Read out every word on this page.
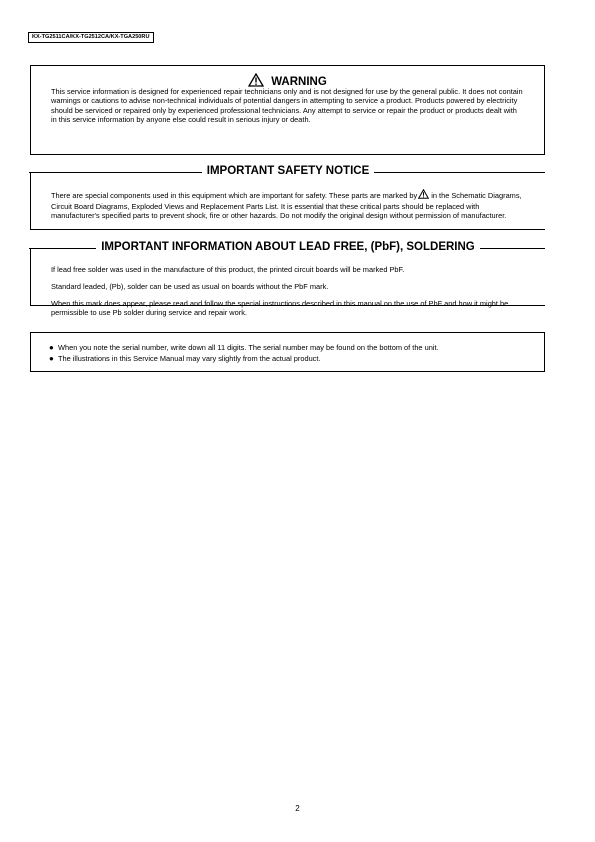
KX-TG2511CA/KX-TG2512CA/KX-TGA250RU
WARNING

This service information is designed for experienced repair technicians only and is not designed for use by the general public. It does not contain warnings or cautions to advise non-technical individuals of potential dangers in attempting to service a product. Products powered by electricity should be serviced or repaired only by experienced professional technicians. Any attempt to service or repair the product or products dealt with in this service information by anyone else could result in serious injury or death.

IMPORTANT SAFETY NOTICE

There are special components used in this equipment which are important for safety. These parts are marked by in the Schematic Diagrams, Circuit Board Diagrams, Exploded Views and Replacement Parts List. It is essential that these critical parts should be replaced with manufacturer's specified parts to prevent shock, fire or other hazards. Do not modify the original design without permission of manufacturer.

IMPORTANT INFORMATION ABOUT LEAD FREE, (PbF), SOLDERING

If lead free solder was used in the manufacture of this product, the printed circuit boards will be marked PbF.

Standard leaded, (Pb), solder can be used as usual on boards without the PbF mark.

When this mark does appear, please read and follow the special instructions described in this manual on the use of PbF and how it might be permissible to use Pb solder during service and repair work.

● When you note the serial number, write down all 11 digits. The serial number may be found on the bottom of the unit.
● The illustrations in this Service Manual may vary slightly from the actual product.
2
